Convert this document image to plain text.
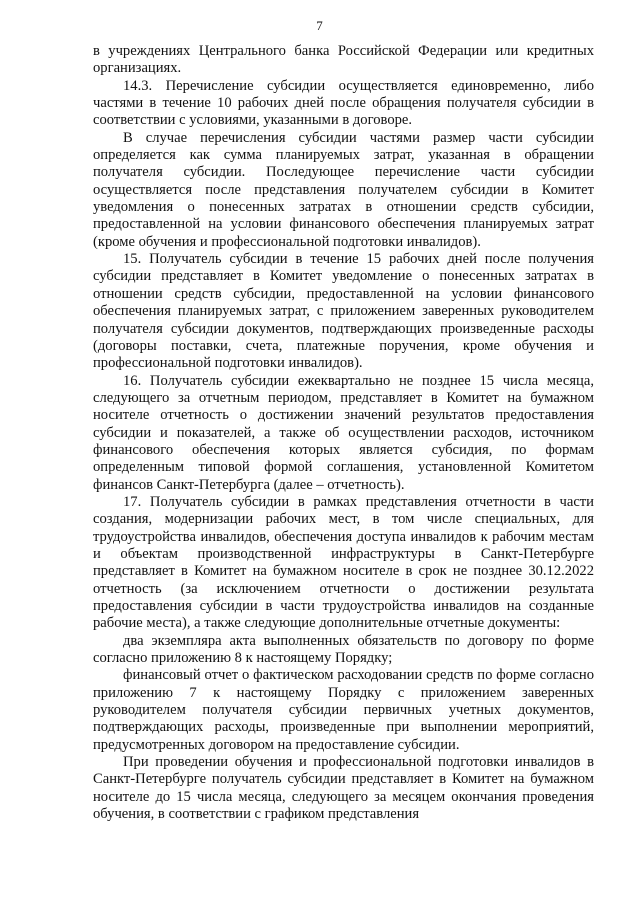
7

в учреждениях Центрального банка Российской Федерации или кредитных организациях.

14.3. Перечисление субсидии осуществляется единовременно, либо частями в течение 10 рабочих дней после обращения получателя субсидии в соответствии с условиями, указанными в договоре.

В случае перечисления субсидии частями размер части субсидии определяется как сумма планируемых затрат, указанная в обращении получателя субсидии. Последующее перечисление части субсидии осуществляется после представления получателем субсидии в Комитет уведомления о понесенных затратах в отношении средств субсидии, предоставленной на условии финансового обеспечения планируемых затрат (кроме обучения и профессиональной подготовки инвалидов).

15. Получатель субсидии в течение 15 рабочих дней после получения субсидии представляет в Комитет уведомление о понесенных затратах в отношении средств субсидии, предоставленной на условии финансового обеспечения планируемых затрат, с приложением заверенных руководителем получателя субсидии документов, подтверждающих произведенные расходы (договоры поставки, счета, платежные поручения, кроме обучения и профессиональной подготовки инвалидов).

16. Получатель субсидии ежеквартально не позднее 15 числа месяца, следующего за отчетным периодом, представляет в Комитет на бумажном носителе отчетность о достижении значений результатов предоставления субсидии и показателей, а также об осуществлении расходов, источником финансового обеспечения которых является субсидия, по формам определенным типовой формой соглашения, установленной Комитетом финансов Санкт-Петербурга (далее – отчетность).

17. Получатель субсидии в рамках представления отчетности в части создания, модернизации рабочих мест, в том числе специальных, для трудоустройства инвалидов, обеспечения доступа инвалидов к рабочим местам и объектам производственной инфраструктуры в Санкт-Петербурге представляет в Комитет на бумажном носителе в срок не позднее 30.12.2022 отчетность (за исключением отчетности о достижении результата предоставления субсидии в части трудоустройства инвалидов на созданные рабочие места), а также следующие дополнительные отчетные документы:

два экземпляра акта выполненных обязательств по договору по форме согласно приложению 8 к настоящему Порядку;

финансовый отчет о фактическом расходовании средств по форме согласно приложению 7 к настоящему Порядку с приложением заверенных руководителем получателя субсидии первичных учетных документов, подтверждающих расходы, произведенные при выполнении мероприятий, предусмотренных договором на предоставление субсидии.

При проведении обучения и профессиональной подготовки инвалидов в Санкт-Петербурге получатель субсидии представляет в Комитет на бумажном носителе до 15 числа месяца, следующего за месяцем окончания проведения обучения, в соответствии с графиком представления
